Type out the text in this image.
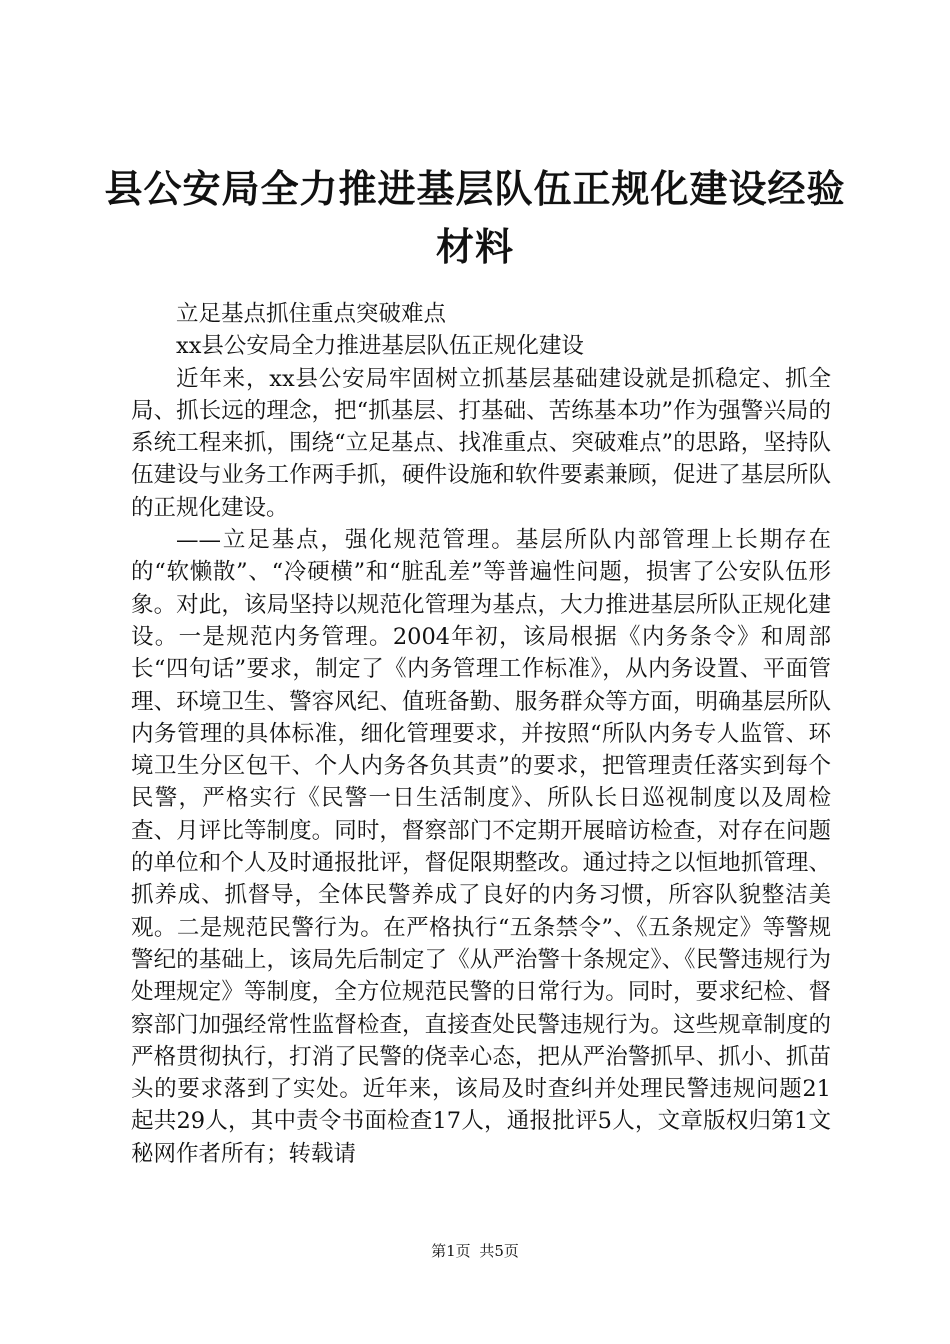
县公安局全力推进基层队伍正规化建设经验材料

立足基点抓住重点突破难点

xx县公安局全力推进基层队伍正规化建设

近年来，xx县公安局牢固树立抓基层基础建设就是抓稳定、抓全局、抓长远的理念，把“抓基层、打基础、苦练基本功”作为强警兴局的系统工程来抓，围绕“立足基点、找准重点、突破难点”的思路，坚持队伍建设与业务工作两手抓，硬件设施和软件要素兼顾，促进了基层所队的正规化建设。

——立足基点，强化规范管理。基层所队内部管理上长期存在的“软懒散”、“冷硬横”和“脏乱差”等普遍性问题，损害了公安队伍形象。对此，该局坚持以规范化管理为基点，大力推进基层所队正规化建设。一是规范内务管理。2004年初，该局根据《内务条令》和周部长“四句话”要求，制定了《内务管理工作标准》，从内务设置、平面管理、环境卫生、警容风纪、值班备勤、服务群众等方面，明确基层所队内务管理的具体标准，细化管理要求，并按照“所队内务专人监管、环境卫生分区包干、个人内务各负其责”的要求，把管理责任落实到每个民警，严格实行《民警一日生活制度》、所队长日巡视制度以及周检查、月评比等制度。同时，督察部门不定期开展暗访检查，对存在问题的单位和个人及时通报批评，督促限期整改。通过持之以恒地抓管理、抓养成、抓督导，全体民警养成了良好的内务习惯，所容队貌整洁美观。二是规范民警行为。在严格执行“五条禁令”、《五条规定》等警规警纪的基础上，该局先后制定了《从严治警十条规定》、《民警违规行为处理规定》等制度，全方位规范民警的日常行为。同时，要求纪检、督察部门加强经常性监督检查，直接查处民警违规行为。这些规章制度的严格贯彻执行，打消了民警的侥幸心态，把从严治警抓早、抓小、抓苗头的要求落到了实处。近年来，该局及时查纠并处理民警违规问题21起共29人，其中责令书面检查17人，通报批评5人，文章版权归第1文秘网作者所有；转载请

第1页 共5页
